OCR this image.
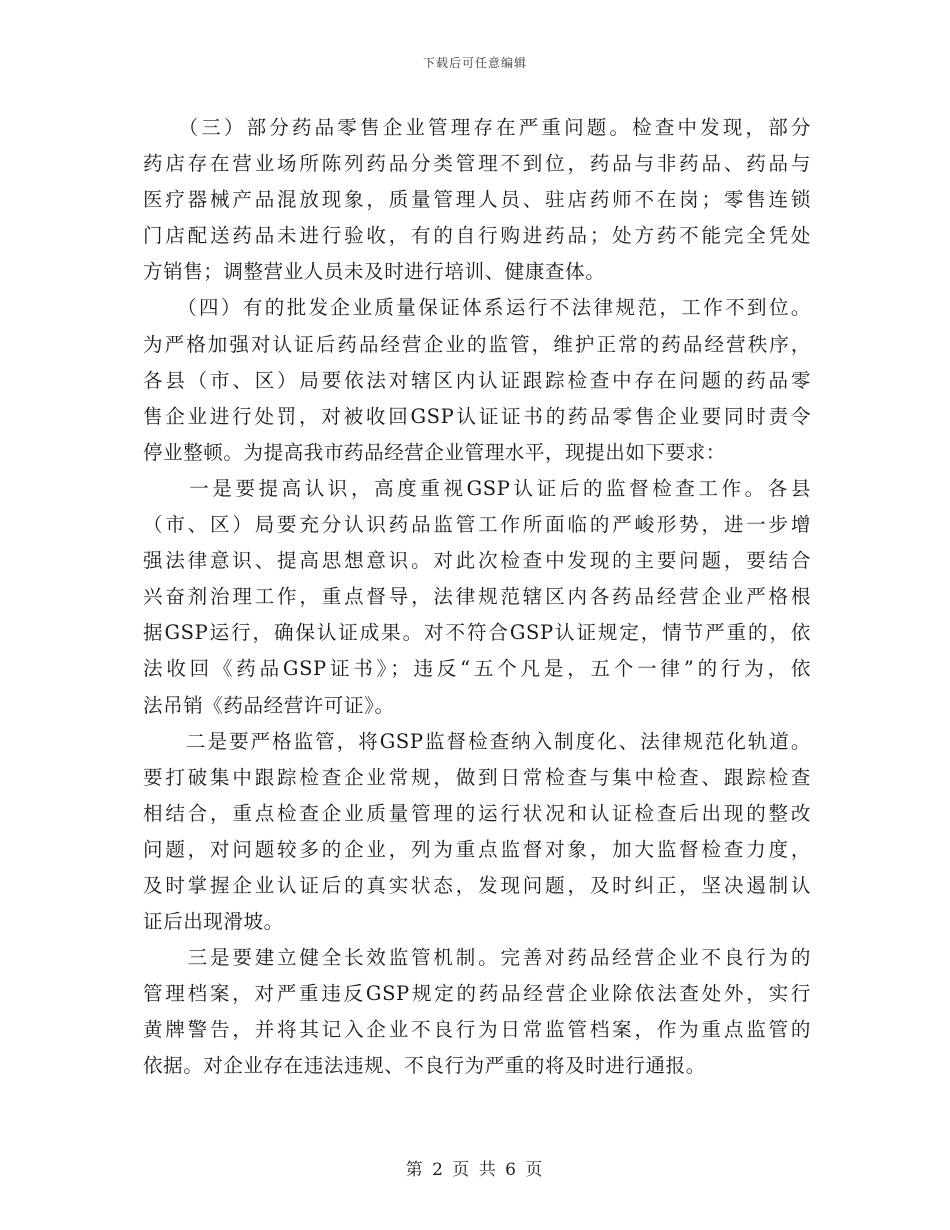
下载后可任意编辑
　　（三）部分药品零售企业管理存在严重问题。检查中发现，部分
药店存在营业场所陈列药品分类管理不到位，药品与非药品、药品与
医疗器械产品混放现象，质量管理人员、驻店药师不在岗；零售连锁
门店配送药品未进行验收，有的自行购进药品；处方药不能完全凭处
方销售；调整营业人员未及时进行培训、健康查体。
　　（四）有的批发企业质量保证体系运行不法律规范，工作不到位。
为严格加强对认证后药品经营企业的监管，维护正常的药品经营秩序，
各县（市、区）局要依法对辖区内认证跟踪检查中存在问题的药品零
售企业进行处罚，对被收回GSP认证证书的药品零售企业要同时责令
停业整顿。为提高我市药品经营企业管理水平，现提出如下要求：
　　一是要提高认识，高度重视GSP认证后的监督检查工作。各县
（市、区）局要充分认识药品监管工作所面临的严峻形势，进一步增
强法律意识、提高思想意识。对此次检查中发现的主要问题，要结合
兴奋剂治理工作，重点督导，法律规范辖区内各药品经营企业严格根
据GSP运行，确保认证成果。对不符合GSP认证规定，情节严重的，依
法收回《药品GSP证书》；违反“五个凡是，五个一律”的行为，依
法吊销《药品经营许可证》。
　　二是要严格监管，将GSP监督检查纳入制度化、法律规范化轨道。
要打破集中跟踪检查企业常规，做到日常检查与集中检查、跟踪检查
相结合，重点检查企业质量管理的运行状况和认证检查后出现的整改
问题，对问题较多的企业，列为重点监督对象，加大监督检查力度，
及时掌握企业认证后的真实状态，发现问题，及时纠正，坚决遏制认
证后出现滑坡。
　　三是要建立健全长效监管机制。完善对药品经营企业不良行为的
管理档案，对严重违反GSP规定的药品经营企业除依法查处外，实行
黄牌警告，并将其记入企业不良行为日常监管档案，作为重点监管的
依据。对企业存在违法违规、不良行为严重的将及时进行通报。
第 2 页 共 6 页
